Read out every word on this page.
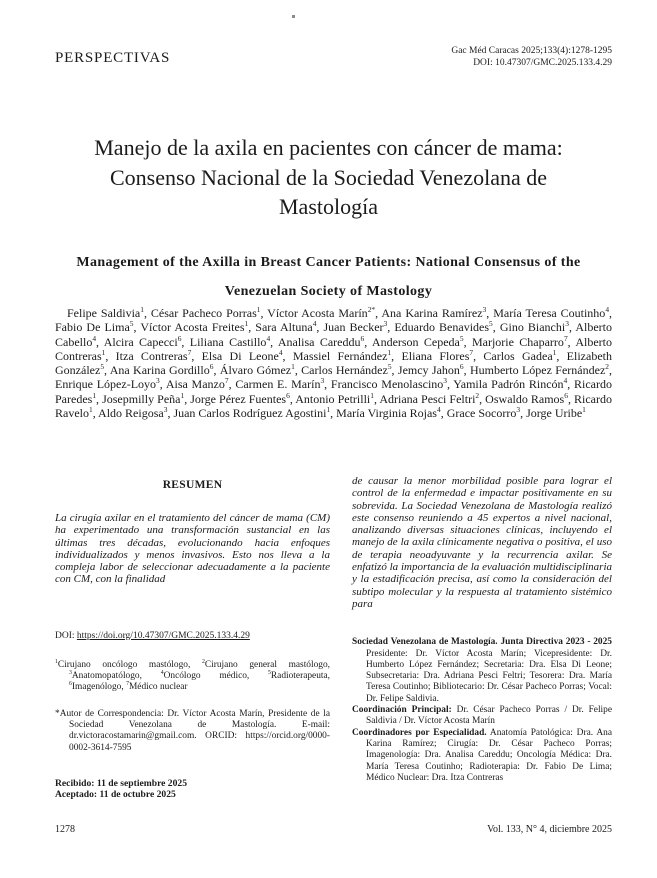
PERSPECTIVAS	Gac Méd Caracas 2025;133(4):1278-1295
DOI: 10.47307/GMC.2025.133.4.29
Manejo de la axila en pacientes con cáncer de mama: Consenso Nacional de la Sociedad Venezolana de Mastología
Management of the Axilla in Breast Cancer Patients: National Consensus of the Venezuelan Society of Mastology

Felipe Saldivia$^1$, César Pacheco Porras$^1$, Víctor Acosta Marín$^{2*}$, Ana Karina Ramírez$^3$, María Teresa Coutinho$^4$, Fabio De Lima$^5$, Víctor Acosta Freites$^1$, Sara Altuna$^4$, Juan Becker$^3$, Eduardo Benavides$^5$, Gino Bianchi$^3$, Alberto Cabello$^4$, Alcira Capecci$^6$, Liliana Castillo$^4$, Analisa Careddu$^6$, Anderson Cepeda$^5$, Marjorie Chaparro$^7$, Alberto Contreras$^1$, Itza Contreras$^7$, Elsa Di Leone$^4$, Massiel Fernández$^1$, Eliana Flores$^7$, Carlos Gadea$^1$, Elizabeth González$^5$, Ana Karina Gordillo$^6$, Álvaro Gómez$^1$, Carlos Hernández$^5$, Jemcy Jahon$^6$, Humberto López Fernández$^2$, Enrique López-Loyo$^3$, Aisa Manzo$^7$, Carmen E. Marín$^3$, Francisco Menolascino$^3$, Yamila Padrón Rincón$^4$, Ricardo Paredes$^1$, Josepmilly Peña$^1$, Jorge Pérez Fuentes$^6$, Antonio Petrilli$^1$, Adriana Pesci Feltri$^2$, Oswaldo Ramos$^6$, Ricardo Ravelo$^1$, Aldo Reigosa$^3$, Juan Carlos Rodríguez Agostini$^1$, María Virginia Rojas$^4$, Grace Socorro$^3$, Jorge Uribe$^1$

RESUMEN

La cirugía axilar en el tratamiento del cáncer de mama (CM) ha experimentado una transformación sustancial en las últimas tres décadas, evolucionando hacia enfoques individualizados y menos invasivos. Esto nos lleva a la compleja labor de seleccionar adecuadamente a la paciente con CM, con la finalidad

DOI: https://doi.org/10.47307/GMC.2025.133.4.29

$^1$Cirujano oncólogo mastólogo, $^2$Cirujano general mastólogo, $^3$Anatomopatólogo, $^4$Oncólogo médico, $^5$Radioterapeuta, $^6$Imagenólogo, $^7$Médico nuclear

*Autor de Correspondencia: Dr. Víctor Acosta Marín, Presidente de la Sociedad Venezolana de Mastología. E-mail: dr.victoracostamarin@gmail.com. ORCID: https://orcid.org/0000-0002-3614-7595

Recibido: 11 de septiembre 2025
Aceptado: 11 de octubre 2025

de causar la menor morbilidad posible para lograr el control de la enfermedad e impactar positivamente en su sobrevida. La Sociedad Venezolana de Mastología realizó este consenso reuniendo a 45 expertos a nivel nacional, analizando diversas situaciones clínicas, incluyendo el manejo de la axila clínicamente negativa o positiva, el uso de terapia neoadyuvante y la recurrencia axilar. Se enfatizó la importancia de la evaluación multidisciplinaria y la estadificación precisa, así como la consideración del subtipo molecular y la respuesta al tratamiento sistémico para

Sociedad Venezolana de Mastología. Junta Directiva 2023 - 2025 Presidente: Dr. Víctor Acosta Marín; Vicepresidente: Dr. Humberto López Fernández; Secretaria: Dra. Elsa Di Leone; Subsecretaria: Dra. Adriana Pesci Feltri; Tesorera: Dra. María Teresa Coutinho; Bibliotecario: Dr. César Pacheco Porras; Vocal: Dr. Felipe Saldivia.

Coordinación Principal: Dr. César Pacheco Porras / Dr. Felipe Saldivia / Dr. Víctor Acosta Marín

Coordinadores por Especialidad. Anatomía Patológica: Dra. Ana Karina Ramírez; Cirugía: Dr. César Pacheco Porras; Imagenología: Dra. Analisa Careddu; Oncología Médica: Dra. María Teresa Coutinho; Radioterapia: Dr. Fabio De Lima; Médico Nuclear: Dra. Itza Contreras

1278	Vol. 133, N° 4, diciembre 2025
